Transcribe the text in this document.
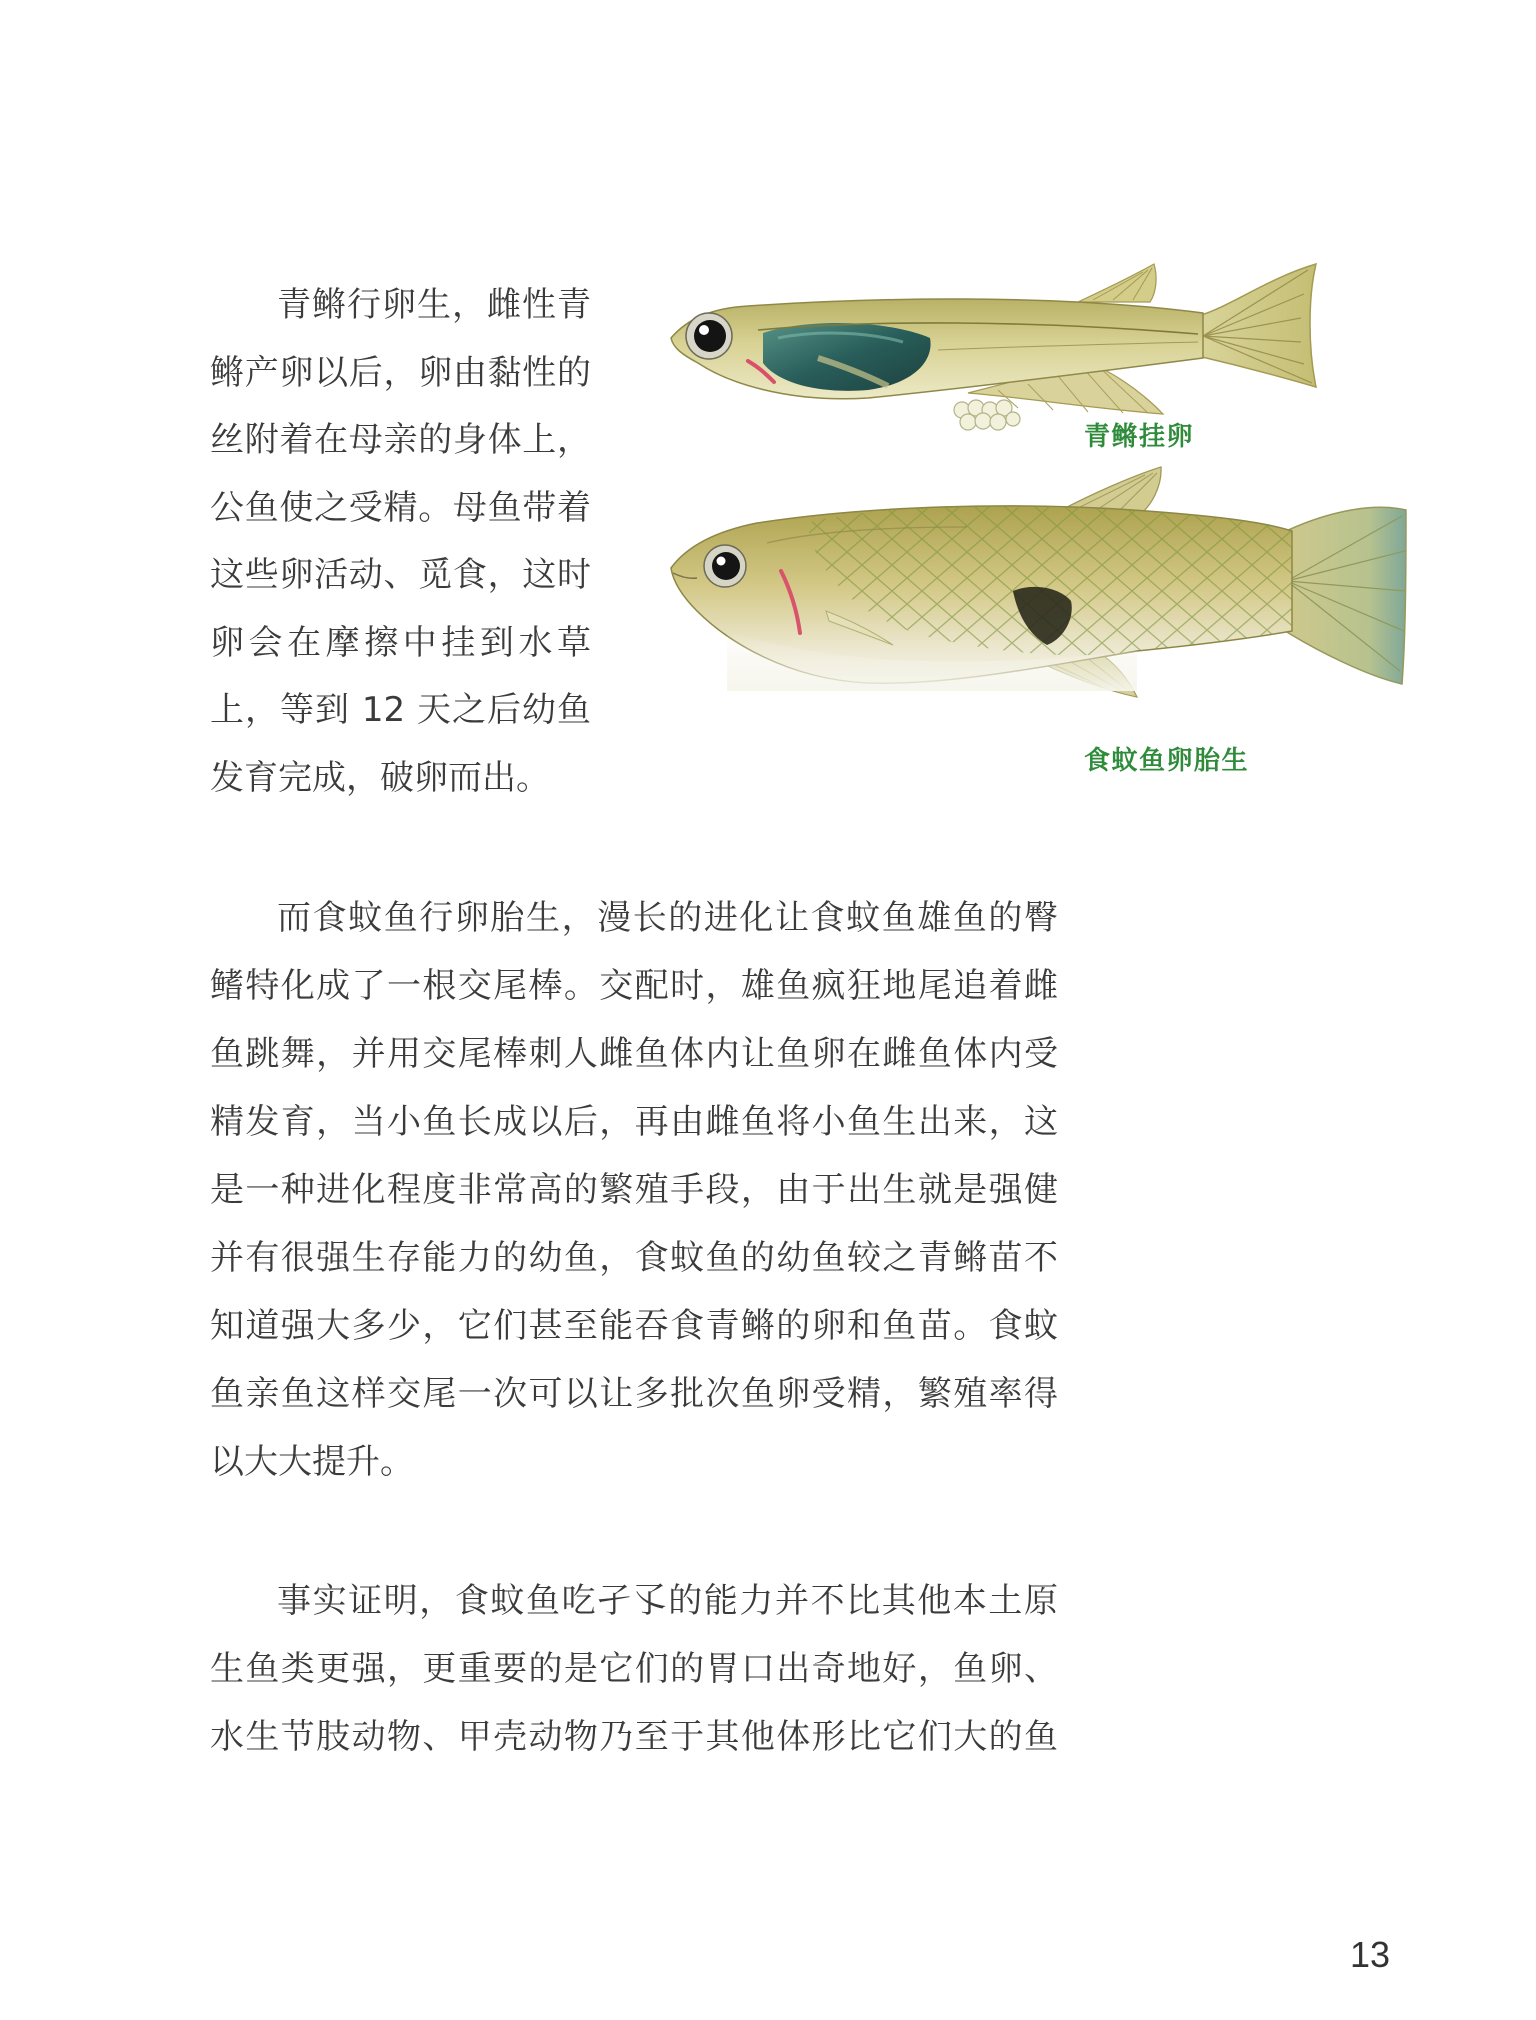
青鳉行卵生，雌性青
鳉产卵以后，卵由黏性的
丝附着在母亲的身体上，
公鱼使之受精。母鱼带着
这些卵活动、觅食，这时
卵会在摩擦中挂到水草
上，等到 12 天之后幼鱼
发育完成，破卵而出。
青鳉挂卵
食蚊鱼卵胎生
而食蚊鱼行卵胎生，漫长的进化让食蚊鱼雄鱼的臀
鳍特化成了一根交尾棒。交配时，雄鱼疯狂地尾追着雌
鱼跳舞，并用交尾棒刺人雌鱼体内让鱼卵在雌鱼体内受
精发育，当小鱼长成以后，再由雌鱼将小鱼生出来，这
是一种进化程度非常高的繁殖手段，由于出生就是强健
并有很强生存能力的幼鱼，食蚊鱼的幼鱼较之青鳉苗不
知道强大多少，它们甚至能吞食青鳉的卵和鱼苗。食蚊
鱼亲鱼这样交尾一次可以让多批次鱼卵受精，繁殖率得
以大大提升。
事实证明，食蚊鱼吃孑孓的能力并不比其他本土原
生鱼类更强，更重要的是它们的胃口出奇地好，鱼卵、
水生节肢动物、甲壳动物乃至于其他体形比它们大的鱼
13
